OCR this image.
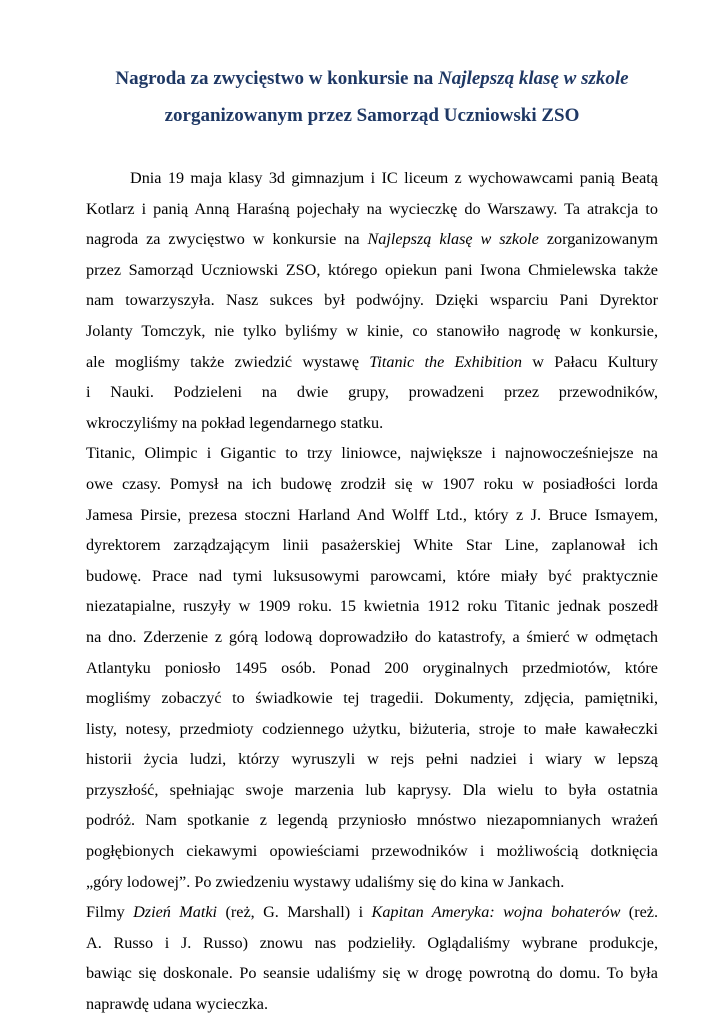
Nagroda za zwycięstwo w konkursie na Najlepszą klasę w szkole
zorganizowanym przez Samorząd Uczniowski ZSO
Dnia 19 maja klasy 3d gimnazjum i IC liceum z wychowawcami panią Beatą
Kotlarz i panią Anną Haraśną pojechały na wycieczkę do Warszawy. Ta atrakcja to
nagroda za zwycięstwo w konkursie na Najlepszą klasę w szkole zorganizowanym
przez Samorząd Uczniowski ZSO, którego opiekun pani Iwona Chmielewska także
nam towarzyszyła. Nasz sukces był podwójny. Dzięki wsparciu Pani Dyrektor
Jolanty Tomczyk, nie tylko byliśmy w kinie, co stanowiło nagrodę w konkursie,
ale mogliśmy także zwiedzić wystawę Titanic the Exhibition w Pałacu Kultury
i Nauki. Podzieleni na dwie grupy, prowadzeni przez przewodników,
wkroczyliśmy na pokład legendarnego statku.
Titanic, Olimpic i Gigantic to trzy liniowce, największe i najnowocześniejsze na
owe czasy. Pomysł na ich budowę zrodził się w 1907 roku w posiadłości lorda
Jamesa Pirsie, prezesa stoczni Harland And Wolff Ltd., który z J. Bruce Ismayem,
dyrektorem zarządzającym linii pasażerskiej White Star Line, zaplanował ich
budowę. Prace nad tymi luksusowymi parowcami, które miały być praktycznie
niezatapialne, ruszyły w 1909 roku. 15 kwietnia 1912 roku Titanic jednak poszedł
na dno. Zderzenie z górą lodową doprowadziło do katastrofy, a śmierć w odmętach
Atlantyku poniosło 1495 osób. Ponad 200 oryginalnych przedmiotów, które
mogliśmy zobaczyć to świadkowie tej tragedii. Dokumenty, zdjęcia, pamiętniki,
listy, notesy, przedmioty codziennego użytku, biżuteria, stroje to małe kawałeczki
historii życia ludzi, którzy wyruszyli w rejs pełni nadziei i wiary w lepszą
przyszłość, spełniając swoje marzenia lub kaprysy. Dla wielu to była ostatnia
podróż. Nam spotkanie z legendą przyniosło mnóstwo niezapomnianych wrażeń
pogłębionych ciekawymi opowieściami przewodników i możliwością dotknięcia
„góry lodowej”. Po zwiedzeniu wystawy udaliśmy się do kina w Jankach.
Filmy Dzień Matki (reż, G. Marshall) i Kapitan Ameryka: wojna bohaterów (reż.
A. Russo i J. Russo) znowu nas podzieliły. Oglądaliśmy wybrane produkcje,
bawiąc się doskonale. Po seansie udaliśmy się w drogę powrotną do domu. To była
naprawdę udana wycieczka.
